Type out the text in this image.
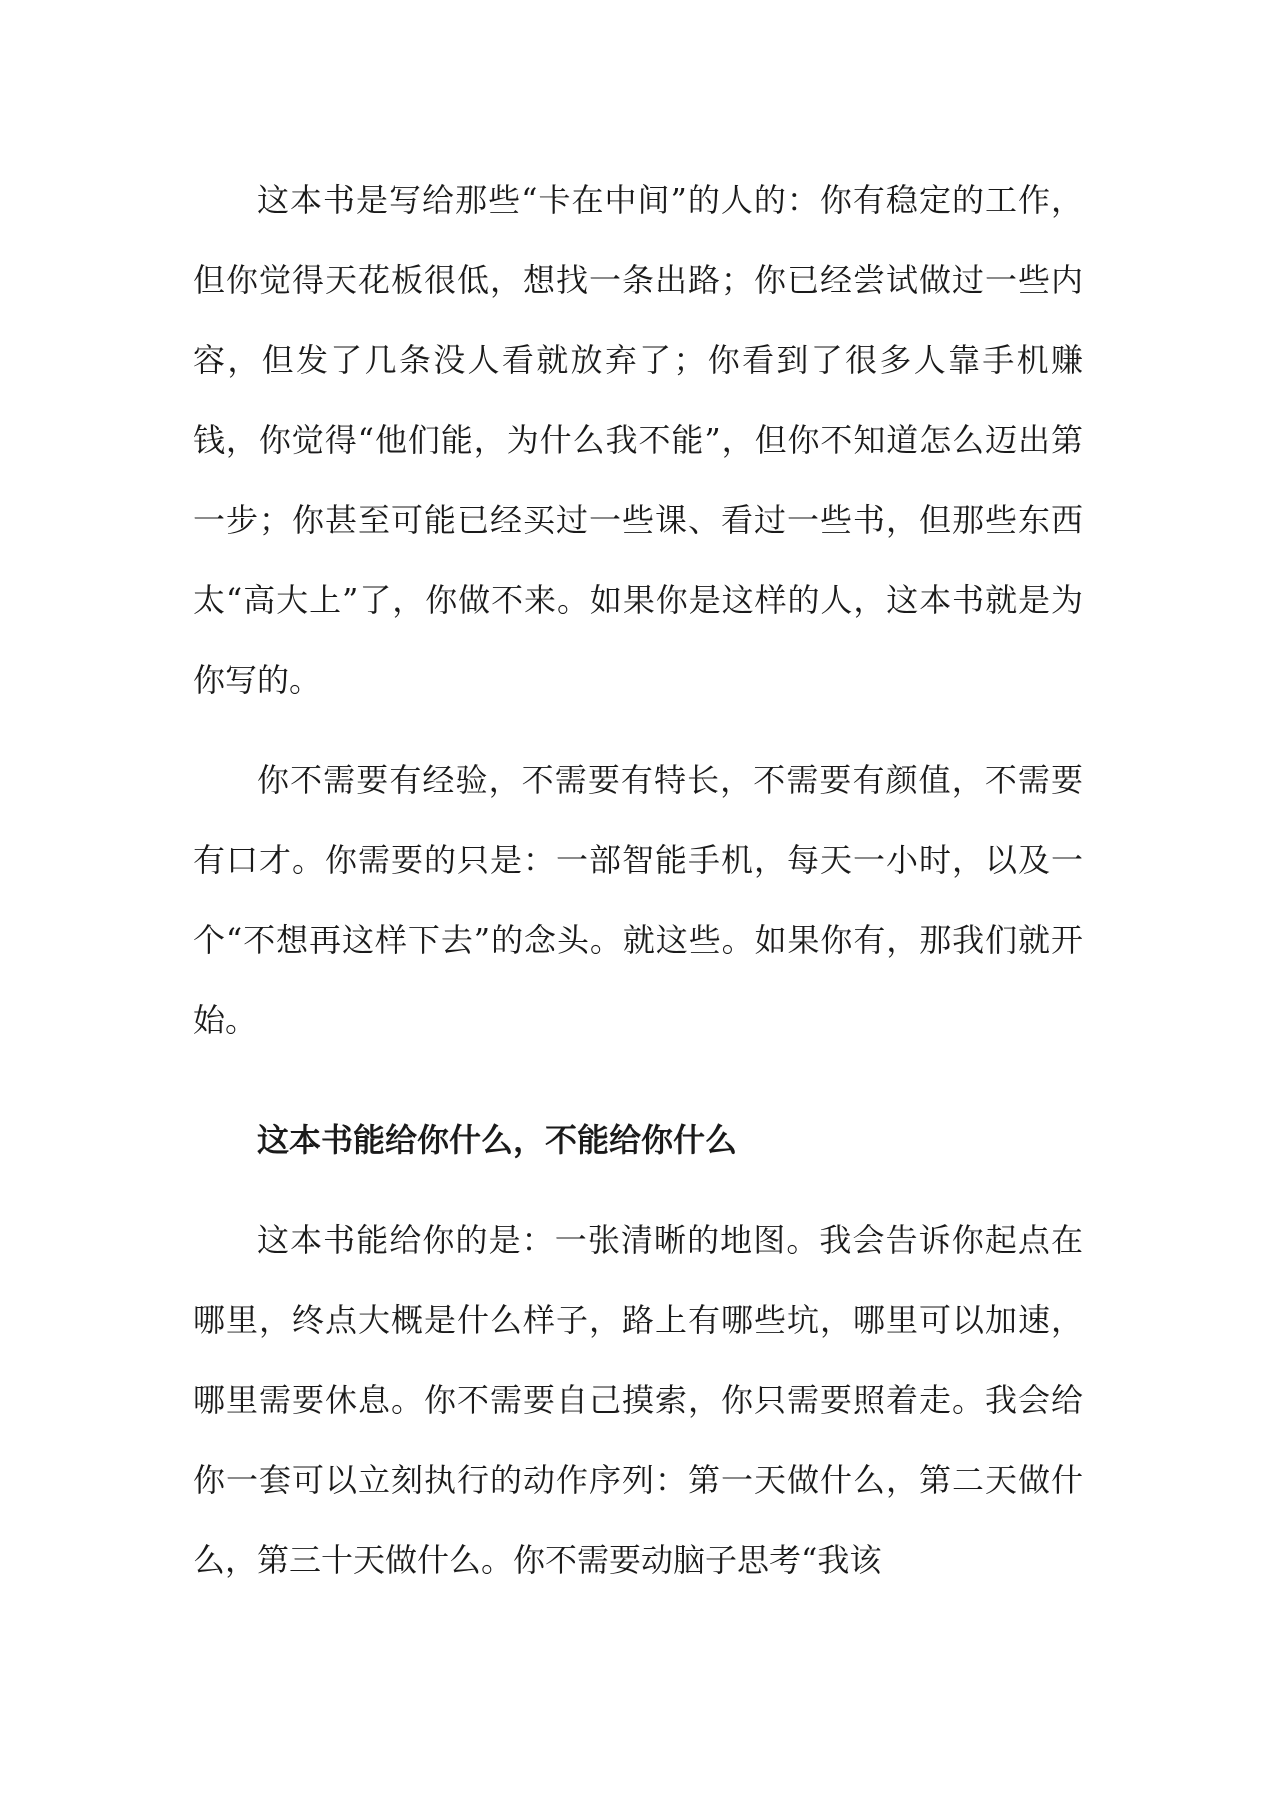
这本书是写给那些“卡在中间”的人的：你有稳定的工作，但你觉得天花板很低，想找一条出路；你已经尝试做过一些内容，但发了几条没人看就放弃了；你看到了很多人靠手机赚钱，你觉得“他们能，为什么我不能”，但你不知道怎么迈出第一步；你甚至可能已经买过一些课、看过一些书，但那些东西太“高大上”了，你做不来。如果你是这样的人，这本书就是为你写的。

你不需要有经验，不需要有特长，不需要有颜值，不需要有口才。你需要的只是：一部智能手机，每天一小时，以及一个“不想再这样下去”的念头。就这些。如果你有，那我们就开始。

这本书能给你什么，不能给你什么

这本书能给你的是：一张清晰的地图。我会告诉你起点在哪里，终点大概是什么样子，路上有哪些坑，哪里可以加速，哪里需要休息。你不需要自己摸索，你只需要照着走。我会给你一套可以立刻执行的动作序列：第一天做什么，第二天做什么，第三十天做什么。你不需要动脑子思考“我该
